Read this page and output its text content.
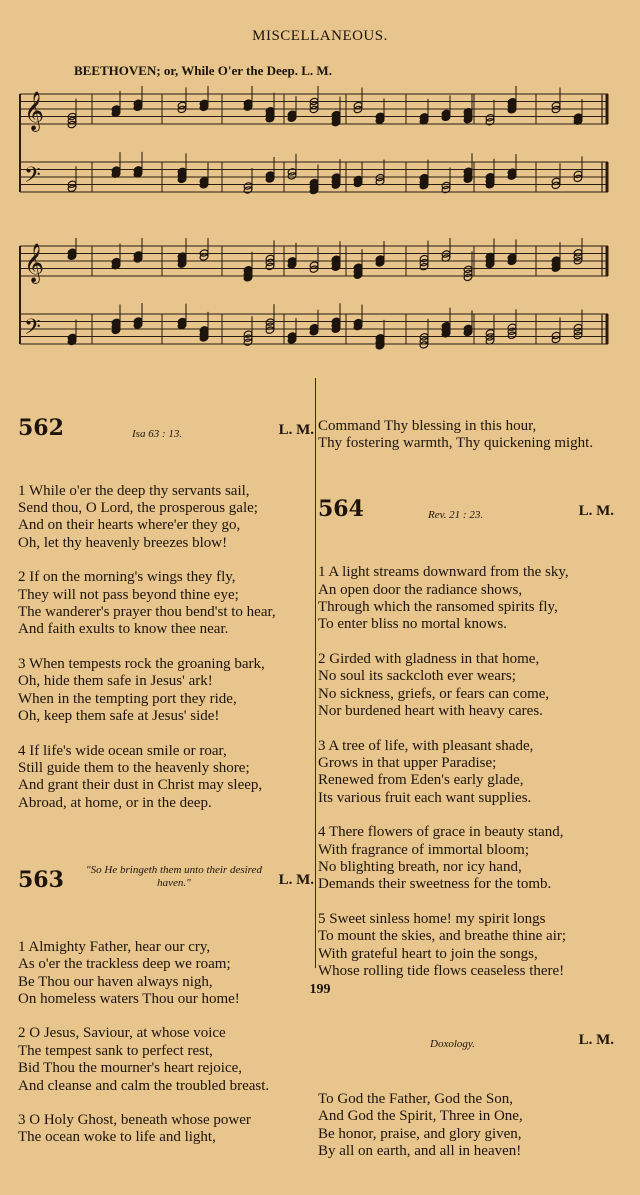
MISCELLANEOUS.
BEETHOVEN; or, While O'er the Deep. L. M.
𝄞
𝄢
𝄞
𝄢

562

	Isa 63 : 13.

	L. M.

1 While o'er the deep thy servants sail,
Send thou, O Lord, the prosperous gale;
And on their hearts where'er they go,
Oh, let thy heavenly breezes blow!
2 If on the morning's wings they fly,
They will not pass beyond thine eye;
The wanderer's prayer thou bend'st to hear,
And faith exults to know thee near.
3 When tempests rock the groaning bark,
Oh, hide them safe in Jesus' ark!
When in the tempting port they ride,
Oh, keep them safe at Jesus' side!
4 If life's wide ocean smile or roar,
Still guide them to the heavenly shore;
And grant their dust in Christ may sleep,
Abroad, at home, or in the deep.

563

	"So He bringeth them unto their desired haven."

	L. M.

1 Almighty Father, hear our cry,
As o'er the trackless deep we roam;
Be Thou our haven always nigh,
On homeless waters Thou our home!
2 O Jesus, Saviour, at whose voice
The tempest sank to perfect rest,
Bid Thou the mourner's heart rejoice,
And cleanse and calm the troubled breast.
3 O Holy Ghost, beneath whose power
The ocean woke to life and light,

Command Thy blessing in this hour,
Thy fostering warmth, Thy quickening might.

564

	Rev. 21 : 23.

	L. M.

1 A light streams downward from the sky,
An open door the radiance shows,
Through which the ransomed spirits fly,
To enter bliss no mortal knows.
2 Girded with gladness in that home,
No soul its sackcloth ever wears;
No sickness, griefs, or fears can come,
Nor burdened heart with heavy cares.
3 A tree of life, with pleasant shade,
Grows in that upper Paradise;
Renewed from Eden's early glade,
Its various fruit each want supplies.
4 There flowers of grace in beauty stand,
With fragrance of immortal bloom;
No blighting breath, nor icy hand,
Demands their sweetness for the tomb.
5 Sweet sinless home! my spirit longs
To mount the skies, and breathe thine air;
With grateful heart to join the songs,
Whose rolling tide flows ceaseless there!

Doxology.

	L. M.

To God the Father, God the Son,
And God the Spirit, Three in One,
Be honor, praise, and glory given,
By all on earth, and all in heaven!

199
